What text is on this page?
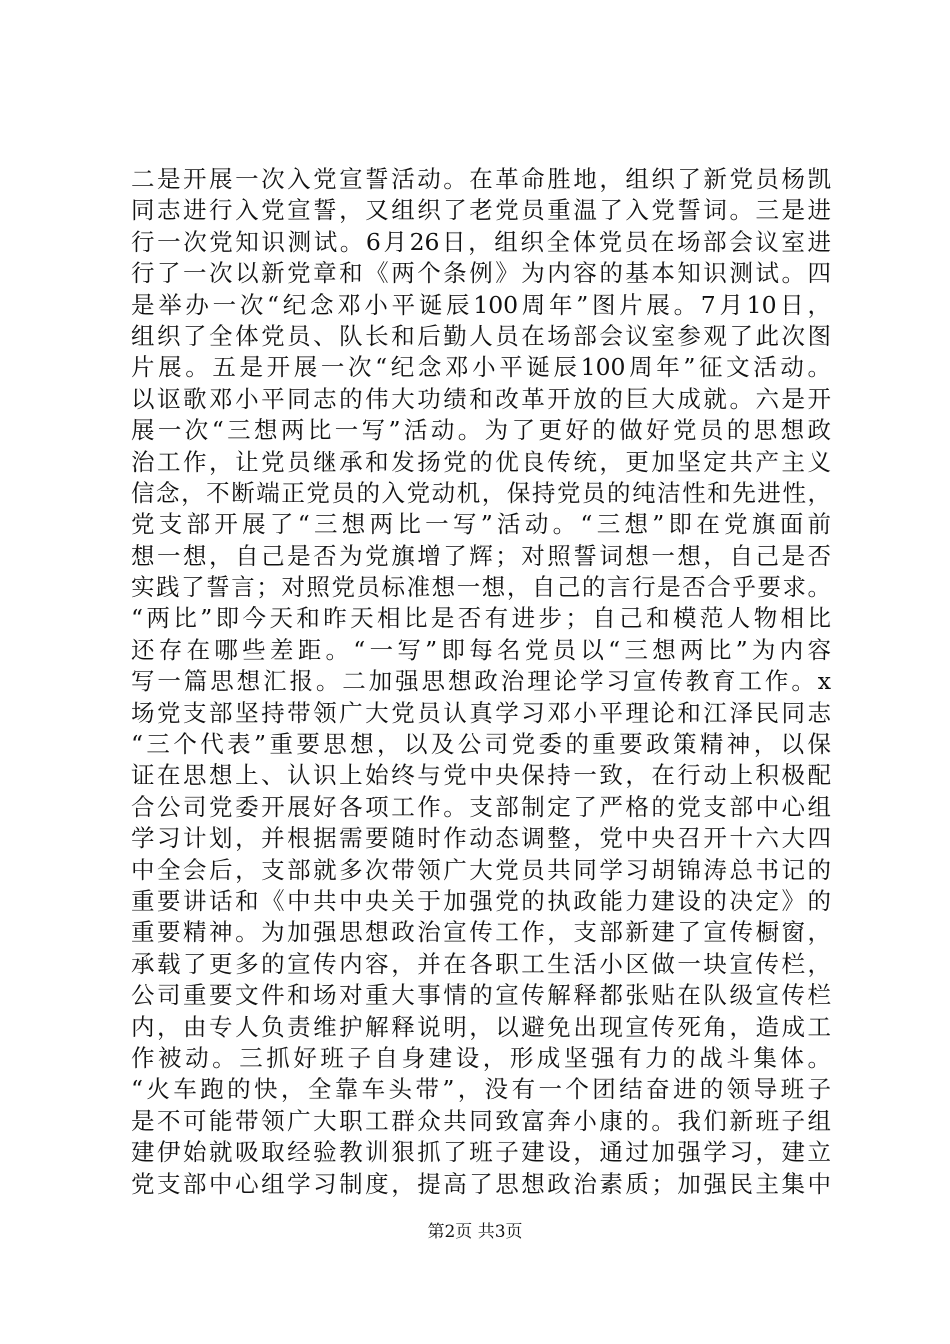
二是开展一次入党宣誓活动。在革命胜地，组织了新党员杨凯
同志进行入党宣誓，又组织了老党员重温了入党誓词。三是进
行一次党知识测试。6月26日，组织全体党员在场部会议室进
行了一次以新党章和《两个条例》为内容的基本知识测试。四
是举办一次“纪念邓小平诞辰100周年”图片展。7月10日，
组织了全体党员、队长和后勤人员在场部会议室参观了此次图
片展。五是开展一次“纪念邓小平诞辰100周年”征文活动。
以讴歌邓小平同志的伟大功绩和改革开放的巨大成就。六是开
展一次“三想两比一写”活动。为了更好的做好党员的思想政
治工作，让党员继承和发扬党的优良传统，更加坚定共产主义
信念，不断端正党员的入党动机，保持党员的纯洁性和先进性，
党支部开展了“三想两比一写”活动。“三想”即在党旗面前
想一想，自己是否为党旗增了辉；对照誓词想一想，自己是否
实践了誓言；对照党员标准想一想，自己的言行是否合乎要求。
“两比”即今天和昨天相比是否有进步；自己和模范人物相比
还存在哪些差距。“一写”即每名党员以“三想两比”为内容
写一篇思想汇报。二加强思想政治理论学习宣传教育工作。x
场党支部坚持带领广大党员认真学习邓小平理论和江泽民同志
“三个代表”重要思想，以及公司党委的重要政策精神，以保
证在思想上、认识上始终与党中央保持一致，在行动上积极配
合公司党委开展好各项工作。支部制定了严格的党支部中心组
学习计划，并根据需要随时作动态调整，党中央召开十六大四
中全会后，支部就多次带领广大党员共同学习胡锦涛总书记的
重要讲话和《中共中央关于加强党的执政能力建设的决定》的
重要精神。为加强思想政治宣传工作，支部新建了宣传橱窗，
承载了更多的宣传内容，并在各职工生活小区做一块宣传栏，
公司重要文件和场对重大事情的宣传解释都张贴在队级宣传栏
内，由专人负责维护解释说明，以避免出现宣传死角，造成工
作被动。三抓好班子自身建设，形成坚强有力的战斗集体。
“火车跑的快，全靠车头带”，没有一个团结奋进的领导班子
是不可能带领广大职工群众共同致富奔小康的。我们新班子组
建伊始就吸取经验教训狠抓了班子建设，通过加强学习，建立
党支部中心组学习制度，提高了思想政治素质；加强民主集中
第2页 共3页
